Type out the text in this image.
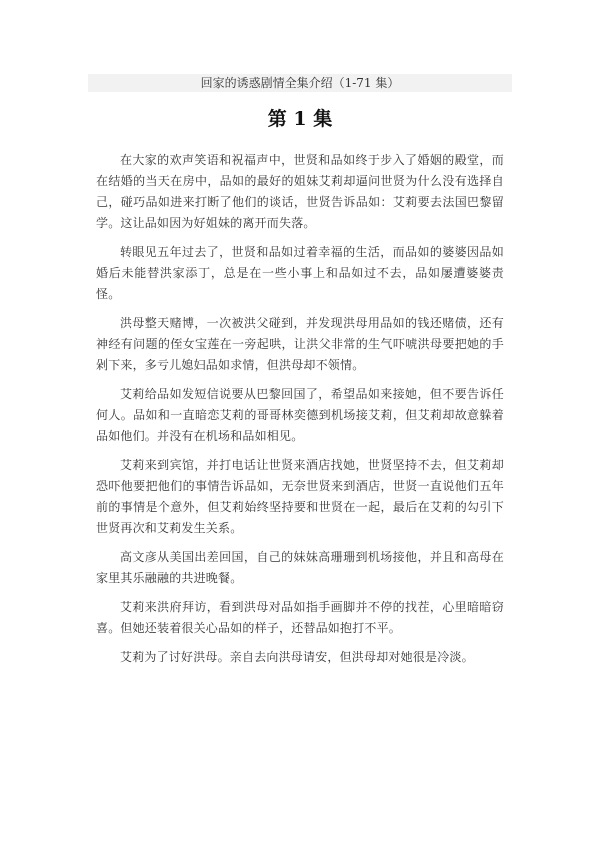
回家的诱惑剧情全集介绍（1-71 集）
第 1 集

在大家的欢声笑语和祝福声中，世贤和品如终于步入了婚姻的殿堂，而在结婚的当天在房中，品如的最好的姐妹艾莉却逼问世贤为什么没有选择自己，碰巧品如进来打断了他们的谈话，世贤告诉品如：艾莉要去法国巴黎留学。这让品如因为好姐妹的离开而失落。

转眼见五年过去了，世贤和品如过着幸福的生活，而品如的婆婆因品如婚后未能替洪家添丁，总是在一些小事上和品如过不去，品如屡遭婆婆责怪。

洪母整天赌博，一次被洪父碰到，并发现洪母用品如的钱还赌债，还有神经有问题的侄女宝莲在一旁起哄，让洪父非常的生气吓唬洪母要把她的手剁下来，多亏儿媳妇品如求情，但洪母却不领情。

艾莉给品如发短信说要从巴黎回国了，希望品如来接她，但不要告诉任何人。品如和一直暗恋艾莉的哥哥林奕德到机场接艾莉，但艾莉却故意躲着品如他们。并没有在机场和品如相见。

艾莉来到宾馆，并打电话让世贤来酒店找她，世贤坚持不去，但艾莉却恐吓他要把他们的事情告诉品如，无奈世贤来到酒店，世贤一直说他们五年前的事情是个意外，但艾莉始终坚持要和世贤在一起，最后在艾莉的勾引下世贤再次和艾莉发生关系。

高文彦从美国出差回国，自己的妹妹高珊珊到机场接他，并且和高母在家里其乐融融的共进晚餐。

艾莉来洪府拜访，看到洪母对品如指手画脚并不停的找茬，心里暗暗窃喜。但她还装着很关心品如的样子，还替品如抱打不平。

艾莉为了讨好洪母。亲自去向洪母请安，但洪母却对她很是冷淡。
